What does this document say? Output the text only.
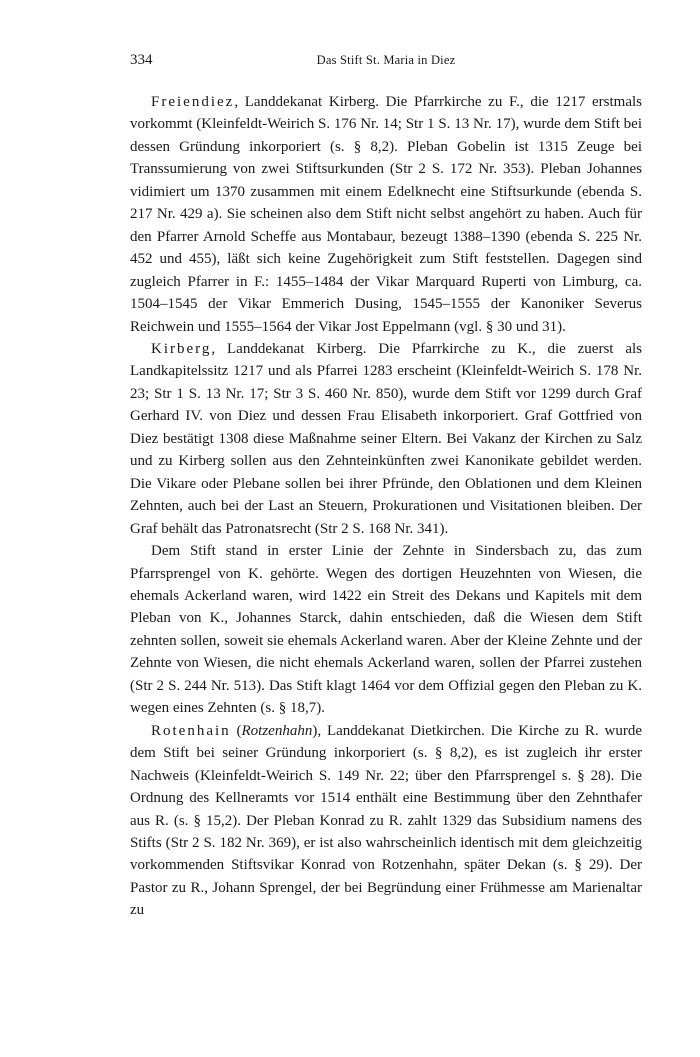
334	Das Stift St. Maria in Diez

Freiendiez, Landdekanat Kirberg. Die Pfarrkirche zu F., die 1217 erstmals vorkommt (Kleinfeldt-Weirich S. 176 Nr. 14; Str 1 S. 13 Nr. 17), wurde dem Stift bei dessen Gründung inkorporiert (s. § 8,2). Pleban Gobelin ist 1315 Zeuge bei Transsumierung von zwei Stiftsurkunden (Str 2 S. 172 Nr. 353). Pleban Johannes vidimiert um 1370 zusammen mit einem Edelknecht eine Stiftsurkunde (ebenda S. 217 Nr. 429 a). Sie scheinen also dem Stift nicht selbst angehört zu haben. Auch für den Pfarrer Arnold Scheffe aus Montabaur, bezeugt 1388–1390 (ebenda S. 225 Nr. 452 und 455), läßt sich keine Zugehörigkeit zum Stift feststellen. Dagegen sind zugleich Pfarrer in F.: 1455–1484 der Vikar Marquard Ruperti von Limburg, ca. 1504–1545 der Vikar Emmerich Dusing, 1545–1555 der Kanoniker Severus Reichwein und 1555–1564 der Vikar Jost Eppelmann (vgl. § 30 und 31).

Kirberg, Landdekanat Kirberg. Die Pfarrkirche zu K., die zuerst als Landkapitelssitz 1217 und als Pfarrei 1283 erscheint (Kleinfeldt-Weirich S. 178 Nr. 23; Str 1 S. 13 Nr. 17; Str 3 S. 460 Nr. 850), wurde dem Stift vor 1299 durch Graf Gerhard IV. von Diez und dessen Frau Elisabeth inkorporiert. Graf Gottfried von Diez bestätigt 1308 diese Maßnahme seiner Eltern. Bei Vakanz der Kirchen zu Salz und zu Kirberg sollen aus den Zehnteinkünften zwei Kanonikate gebildet werden. Die Vikare oder Plebane sollen bei ihrer Pfründe, den Oblationen und dem Kleinen Zehnten, auch bei der Last an Steuern, Prokurationen und Visitationen bleiben. Der Graf behält das Patronatsrecht (Str 2 S. 168 Nr. 341).

Dem Stift stand in erster Linie der Zehnte in Sindersbach zu, das zum Pfarrsprengel von K. gehörte. Wegen des dortigen Heuzehnten von Wiesen, die ehemals Ackerland waren, wird 1422 ein Streit des Dekans und Kapitels mit dem Pleban von K., Johannes Starck, dahin entschieden, daß die Wiesen dem Stift zehnten sollen, soweit sie ehemals Ackerland waren. Aber der Kleine Zehnte und der Zehnte von Wiesen, die nicht ehemals Ackerland waren, sollen der Pfarrei zustehen (Str 2 S. 244 Nr. 513). Das Stift klagt 1464 vor dem Offizial gegen den Pleban zu K. wegen eines Zehnten (s. § 18,7).

Rotenhain (Rotzenhahn), Landdekanat Dietkirchen. Die Kirche zu R. wurde dem Stift bei seiner Gründung inkorporiert (s. § 8,2), es ist zugleich ihr erster Nachweis (Kleinfeldt-Weirich S. 149 Nr. 22; über den Pfarrsprengel s. § 28). Die Ordnung des Kellneramts vor 1514 enthält eine Bestimmung über den Zehnthafer aus R. (s. § 15,2). Der Pleban Konrad zu R. zahlt 1329 das Subsidium namens des Stifts (Str 2 S. 182 Nr. 369), er ist also wahrscheinlich identisch mit dem gleichzeitig vorkommenden Stiftsvikar Konrad von Rotzenhahn, später Dekan (s. § 29). Der Pastor zu R., Johann Sprengel, der bei Begründung einer Frühmesse am Marienaltar zu
